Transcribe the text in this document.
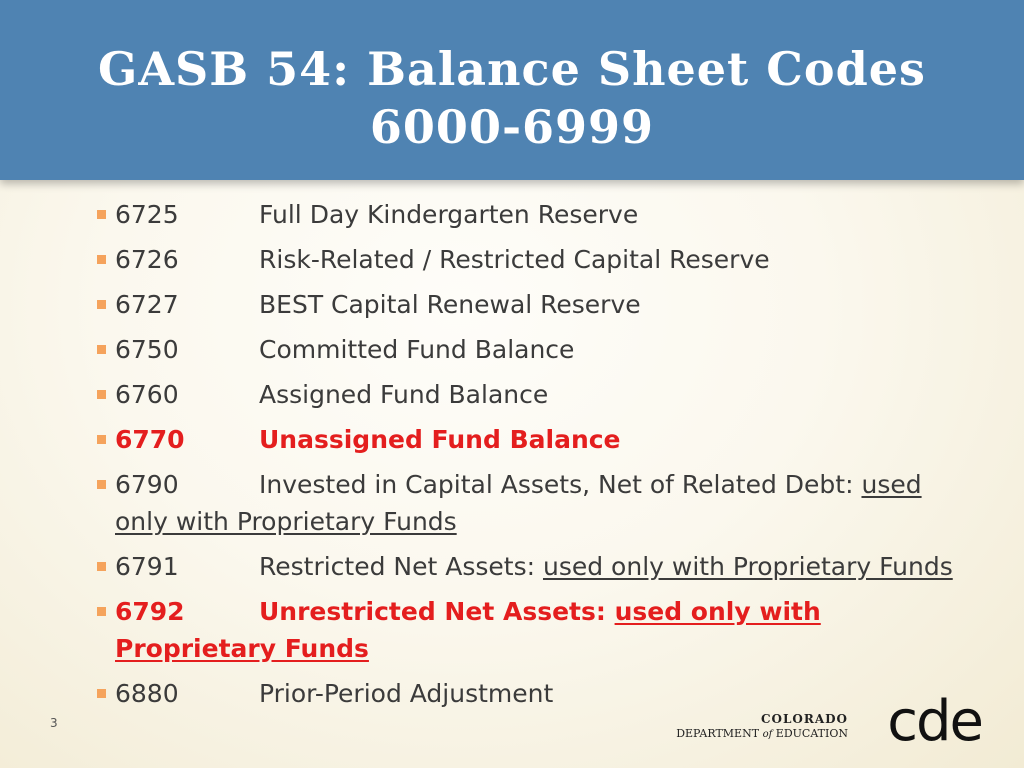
GASB 54: Balance Sheet Codes
6000-6999
6725	Full Day Kindergarten Reserve
6726	Risk-Related / Restricted Capital Reserve
6727	BEST Capital Renewal Reserve
6750	Committed Fund Balance
6760	Assigned Fund Balance
6770	Unassigned Fund Balance
6790	Invested in Capital Assets, Net of Related Debt: used only with Proprietary Funds
6791	Restricted Net Assets: used only with Proprietary Funds
6792	Unrestricted Net Assets: used only with Proprietary Funds
6880	Prior-Period Adjustment
3	COLORADO
DEPARTMENT of EDUCATION cde
